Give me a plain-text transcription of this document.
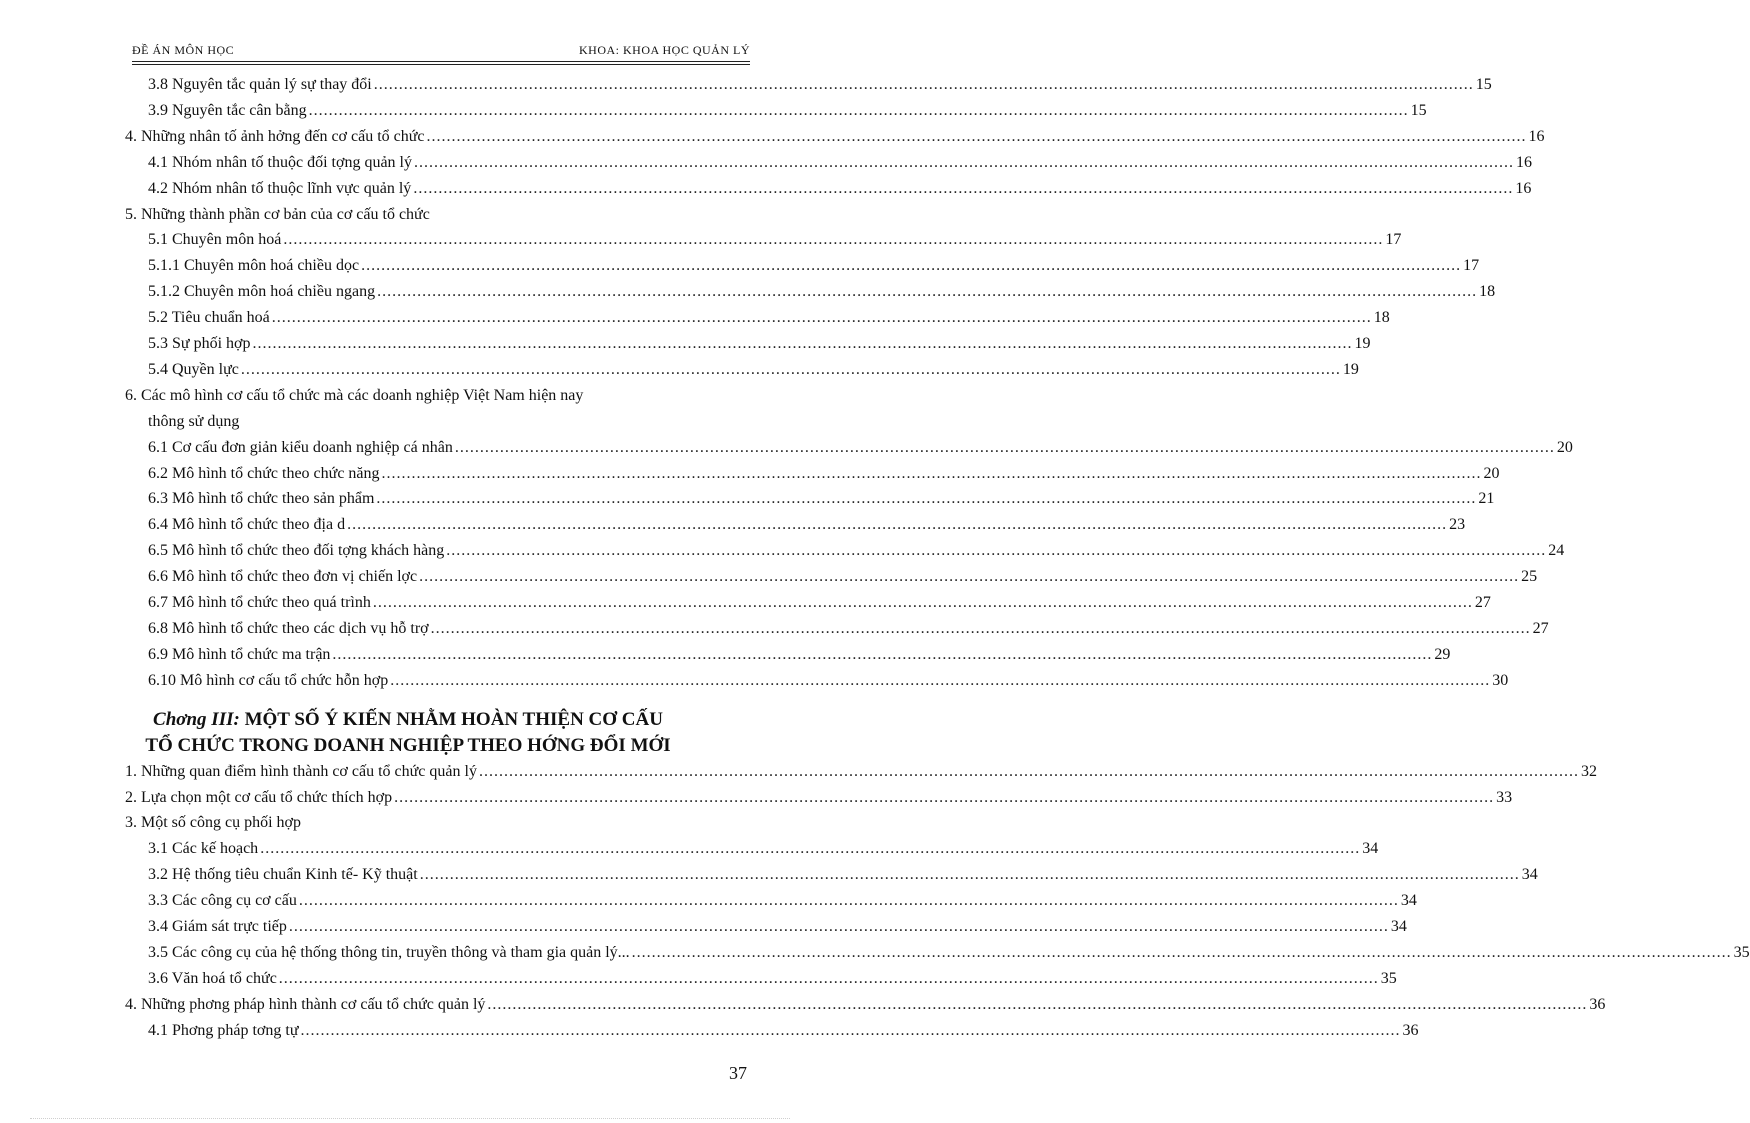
ĐỀ ÁN MÔN HỌC	KHOA: KHOA HỌC QUẢN LÝ
3.8 Nguyên tắc quản lý sự thay đổi ............................................................................................................................................................................................................................ 15
3.9 Nguyên tắc cân bằng ............................................................................................................................................................................................................................ 15
4. Những nhân tố ảnh hởng đến cơ cấu tổ chức ............................................................................................................................................................................................................................ 16
4.1 Nhóm nhân tố thuộc đối tợng quản lý ............................................................................................................................................................................................................................ 16
4.2 Nhóm nhân tố thuộc lĩnh vực quản lý ............................................................................................................................................................................................................................ 16
5. Những thành phần cơ bản của cơ cấu tổ chức
5.1 Chuyên môn hoá ............................................................................................................................................................................................................................ 17
5.1.1 Chuyên môn hoá chiều dọc ............................................................................................................................................................................................................................ 17
5.1.2 Chuyên môn hoá chiều ngang ............................................................................................................................................................................................................................ 18
5.2 Tiêu chuẩn hoá ............................................................................................................................................................................................................................ 18
5.3 Sự phối hợp ............................................................................................................................................................................................................................ 19
5.4 Quyền lực ............................................................................................................................................................................................................................ 19
6. Các mô hình cơ cấu tổ chức mà các doanh nghiệp Việt Nam hiện nay
thông sử dụng
6.1 Cơ cấu đơn giản kiểu doanh nghiệp cá nhân ............................................................................................................................................................................................................................ 20
6.2 Mô hình tổ chức theo chức năng ............................................................................................................................................................................................................................ 20
6.3 Mô hình tổ chức theo sản phẩm ............................................................................................................................................................................................................................ 21
6.4 Mô hình tổ chức theo địa d ............................................................................................................................................................................................................................ 23
6.5 Mô hình tổ chức theo đối tợng khách hàng ............................................................................................................................................................................................................................ 24
6.6 Mô hình tổ chức theo đơn vị chiến lợc ............................................................................................................................................................................................................................ 25
6.7 Mô hình tổ chức theo quá trình ............................................................................................................................................................................................................................ 27
6.8 Mô hình tổ chức theo các dịch vụ hỗ trợ ............................................................................................................................................................................................................................ 27
6.9 Mô hình tổ chức ma trận ............................................................................................................................................................................................................................ 29
6.10 Mô hình cơ cấu tổ chức hỗn hợp ............................................................................................................................................................................................................................ 30
Chơng III: MỘT SỐ Ý KIẾN NHẰM HOÀN THIỆN CƠ CẤU
TỔ CHỨC TRONG DOANH NGHIỆP THEO HỚNG ĐỔI MỚI
1. Những quan điểm hình thành cơ cấu tổ chức quản lý ............................................................................................................................................................................................................................ 32
2. Lựa chọn một cơ cấu tổ chức thích hợp ............................................................................................................................................................................................................................ 33
3. Một số công cụ phối hợp
3.1 Các kế hoạch ............................................................................................................................................................................................................................ 34
3.2 Hệ thống tiêu chuẩn Kinh tế- Kỹ thuật ............................................................................................................................................................................................................................ 34
3.3 Các công cụ cơ cấu ............................................................................................................................................................................................................................ 34
3.4 Giám sát trực tiếp ............................................................................................................................................................................................................................ 34
3.5 Các công cụ của hệ thống thông tin, truyền thông và tham gia quản lý... ............................................................................................................................................................................................................................ 35
3.6 Văn hoá tổ chức ............................................................................................................................................................................................................................ 35
4. Những phơng pháp hình thành cơ cấu tổ chức quản lý ............................................................................................................................................................................................................................ 36
4.1 Phơng pháp tơng tự ............................................................................................................................................................................................................................ 36
37
